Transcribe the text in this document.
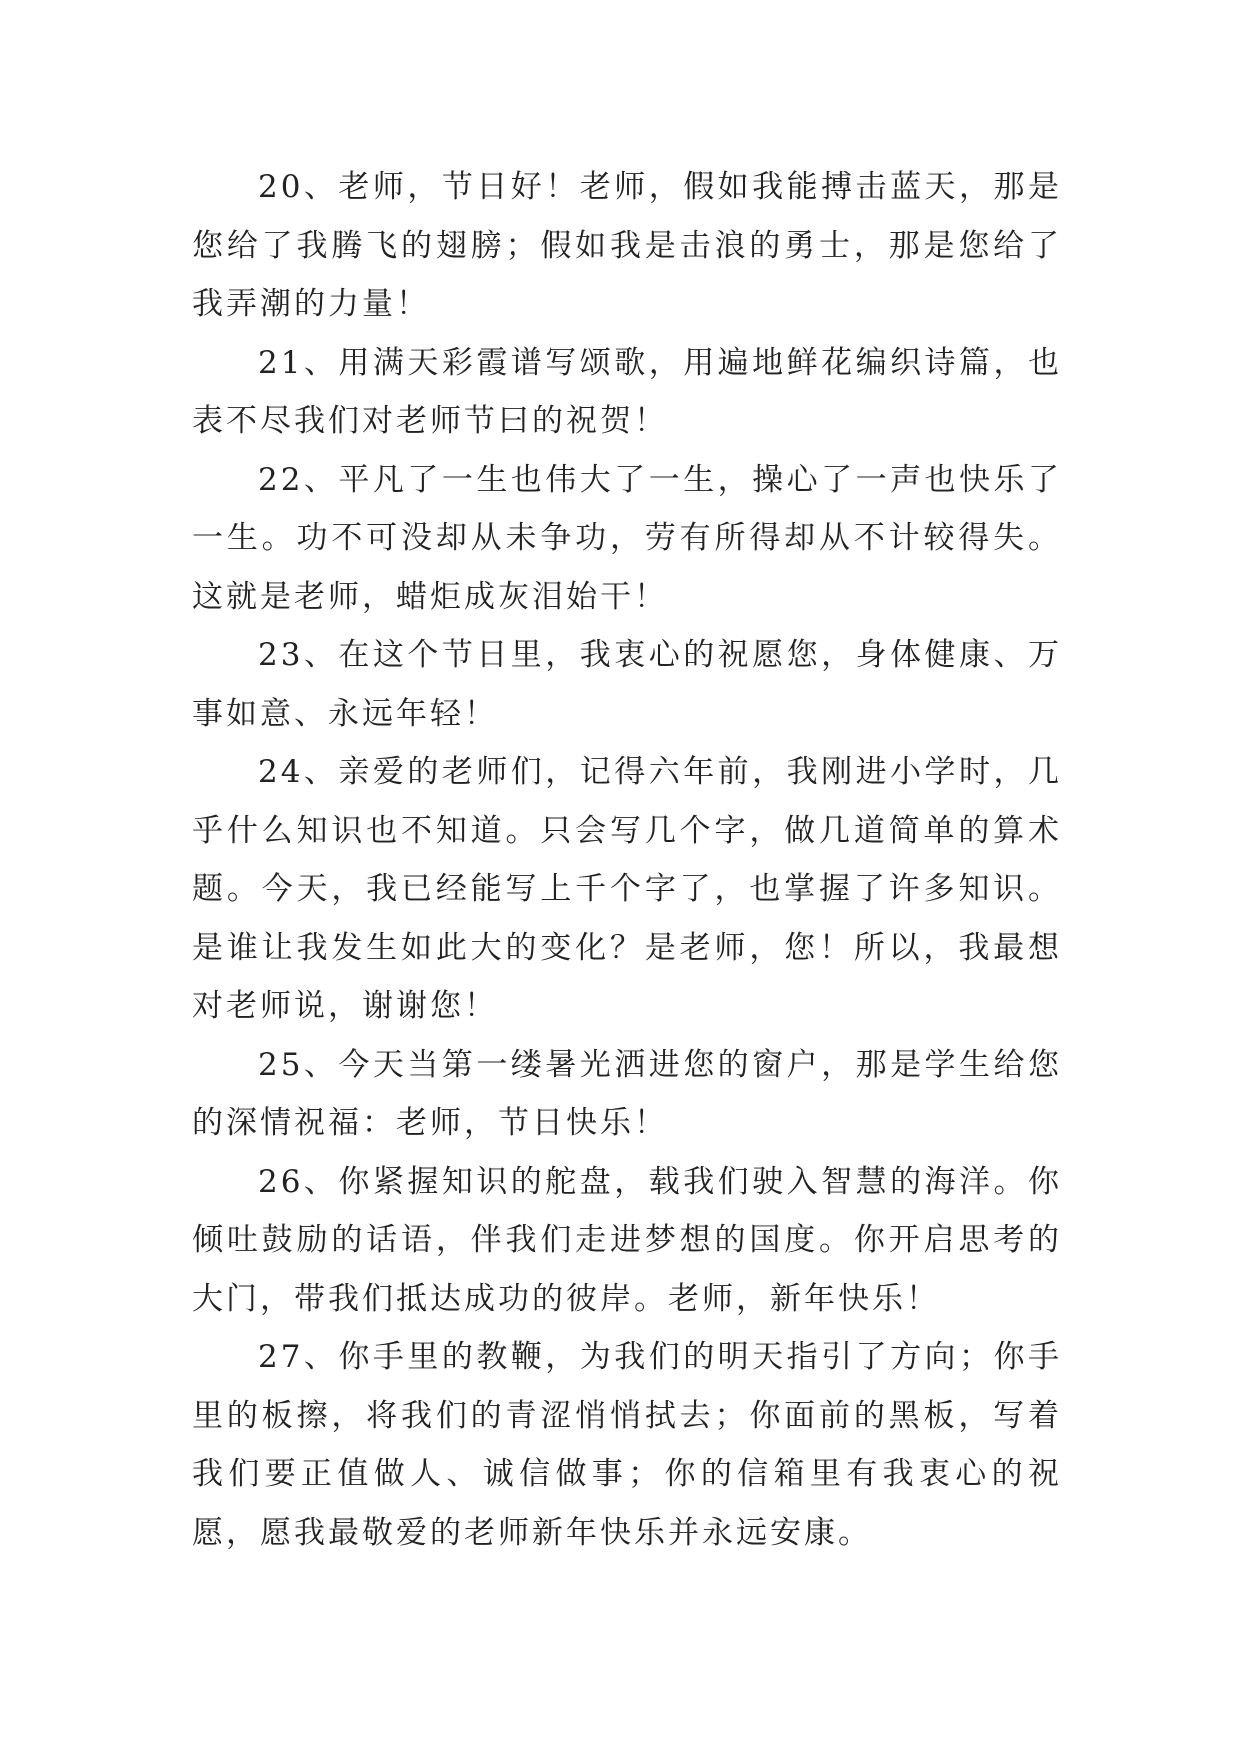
20、老师，节日好！老师，假如我能搏击蓝天，那是您给了我腾飞的翅膀；假如我是击浪的勇士，那是您给了我弄潮的力量！

21、用满天彩霞谱写颂歌，用遍地鲜花编织诗篇，也表不尽我们对老师节曰的祝贺！

22、平凡了一生也伟大了一生，操心了一声也快乐了一生。功不可没却从未争功，劳有所得却从不计较得失。这就是老师，蜡炬成灰泪始干！

23、在这个节日里，我衷心的祝愿您，身体健康、万事如意、永远年轻！

24、亲爱的老师们，记得六年前，我刚进小学时，几乎什么知识也不知道。只会写几个字，做几道简单的算术题。今天，我已经能写上千个字了，也掌握了许多知识。是谁让我发生如此大的变化？是老师，您！所以，我最想对老师说，谢谢您！

25、今天当第一缕暑光洒进您的窗户，那是学生给您的深情祝福：老师，节日快乐！

26、你紧握知识的舵盘，载我们驶入智慧的海洋。你倾吐鼓励的话语，伴我们走进梦想的国度。你开启思考的大门，带我们抵达成功的彼岸。老师，新年快乐！

27、你手里的教鞭，为我们的明天指引了方向；你手里的板擦，将我们的青涩悄悄拭去；你面前的黑板，写着我们要正值做人、诚信做事；你的信箱里有我衷心的祝愿，愿我最敬爱的老师新年快乐并永远安康。
